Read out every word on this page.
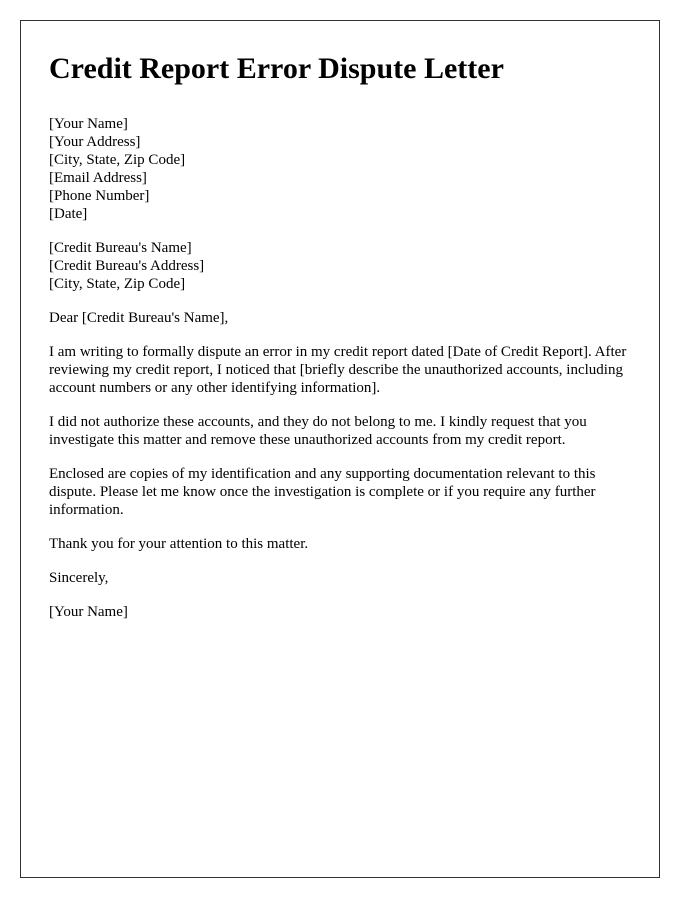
Credit Report Error Dispute Letter
[Your Name]
[Your Address]
[City, State, Zip Code]
[Email Address]
[Phone Number]
[Date]
[Credit Bureau's Name]
[Credit Bureau's Address]
[City, State, Zip Code]

Dear [Credit Bureau's Name],

I am writing to formally dispute an error in my credit report dated [Date of Credit Report]. After reviewing my credit report, I noticed that [briefly describe the unauthorized accounts, including account numbers or any other identifying information].

I did not authorize these accounts, and they do not belong to me. I kindly request that you investigate this matter and remove these unauthorized accounts from my credit report.

Enclosed are copies of my identification and any supporting documentation relevant to this dispute. Please let me know once the investigation is complete or if you require any further information.

Thank you for your attention to this matter.

Sincerely,

[Your Name]
